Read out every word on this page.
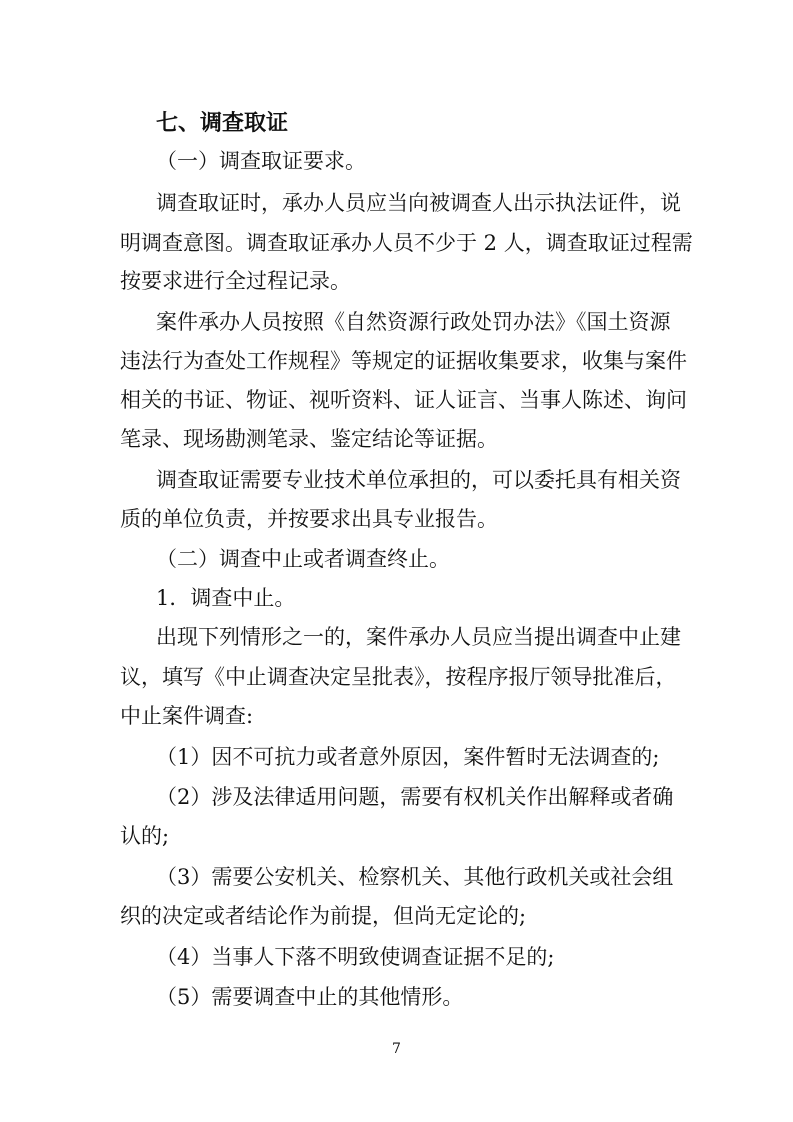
七、调查取证
（一）调查取证要求。
调查取证时，承办人员应当向被调查人出示执法证件，说
明调查意图。调查取证承办人员不少于 2 人，调查取证过程需
按要求进行全过程记录。
案件承办人员按照《自然资源行政处罚办法》《国土资源
违法行为查处工作规程》等规定的证据收集要求，收集与案件
相关的书证、物证、视听资料、证人证言、当事人陈述、询问
笔录、现场勘测笔录、鉴定结论等证据。
调查取证需要专业技术单位承担的，可以委托具有相关资
质的单位负责，并按要求出具专业报告。
（二）调查中止或者调查终止。
1．调查中止。
出现下列情形之一的，案件承办人员应当提出调查中止建
议，填写《中止调查决定呈批表》，按程序报厅领导批准后，
中止案件调查:
（1）因不可抗力或者意外原因，案件暂时无法调查的;
（2）涉及法律适用问题，需要有权机关作出解释或者确
认的;
（3）需要公安机关、检察机关、其他行政机关或社会组
织的决定或者结论作为前提，但尚无定论的;
（4）当事人下落不明致使调查证据不足的;
（5）需要调查中止的其他情形。
7
